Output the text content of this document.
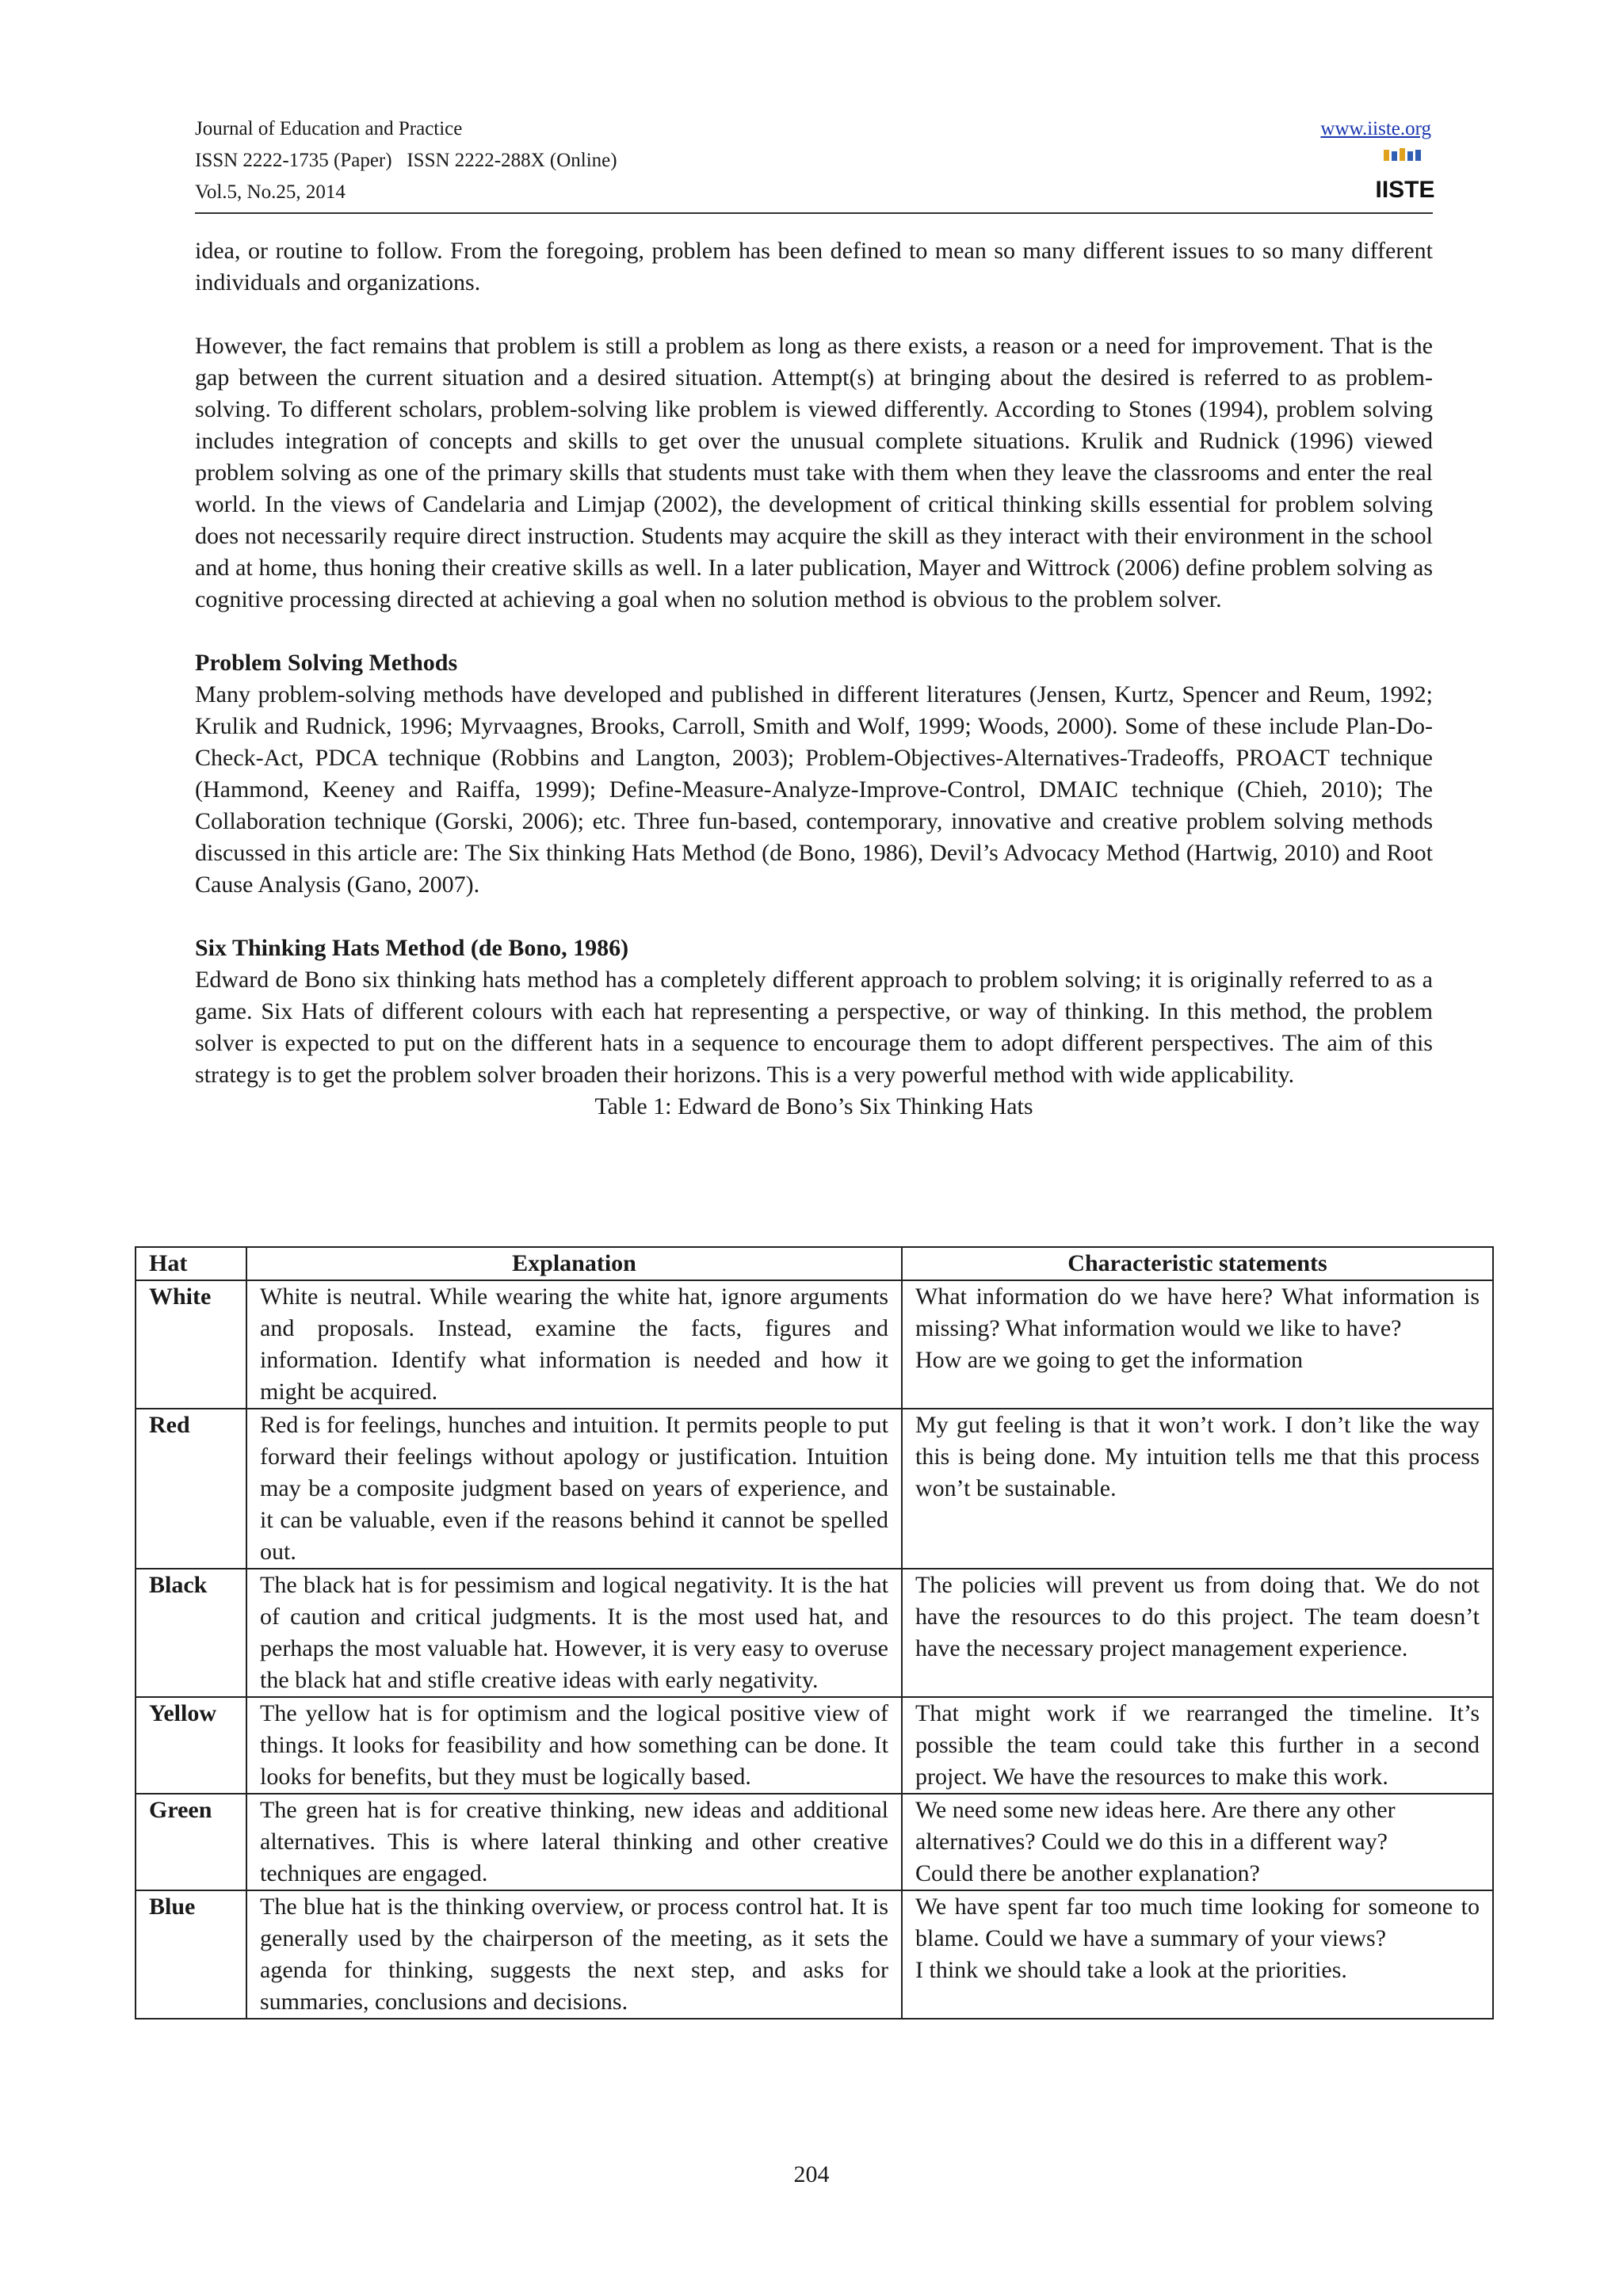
Journal of Education and Practice
ISSN 2222-1735 (Paper)   ISSN 2222-288X (Online)
Vol.5, No.25, 2014
www.iiste.org
IISTE

idea, or routine to follow. From the foregoing, problem has been defined to mean so many different issues to so many different individuals and organizations.

However, the fact remains that problem is still a problem as long as there exists, a reason or a need for improvement. That is the gap between the current situation and a desired situation. Attempt(s) at bringing about the desired is referred to as problem-solving. To different scholars, problem-solving like problem is viewed differently. According to Stones (1994), problem solving includes integration of concepts and skills to get over the unusual complete situations. Krulik and Rudnick (1996) viewed problem solving as one of the primary skills that students must take with them when they leave the classrooms and enter the real world. In the views of Candelaria and Limjap (2002), the development of critical thinking skills essential for problem solving does not necessarily require direct instruction. Students may acquire the skill as they interact with their environment in the school and at home, thus honing their creative skills as well. In a later publication, Mayer and Wittrock (2006) define problem solving as cognitive processing directed at achieving a goal when no solution method is obvious to the problem solver.

Problem Solving Methods

Many problem-solving methods have developed and published in different literatures (Jensen, Kurtz, Spencer and Reum, 1992; Krulik and Rudnick, 1996; Myrvaagnes, Brooks, Carroll, Smith and Wolf, 1999; Woods, 2000). Some of these include Plan-Do-Check-Act, PDCA technique (Robbins and Langton, 2003); Problem-Objectives-Alternatives-Tradeoffs, PROACT technique (Hammond, Keeney and Raiffa, 1999); Define-Measure-Analyze-Improve-Control, DMAIC technique (Chieh, 2010); The Collaboration technique (Gorski, 2006); etc. Three fun-based, contemporary, innovative and creative problem solving methods discussed in this article are: The Six thinking Hats Method (de Bono, 1986), Devil’s Advocacy Method (Hartwig, 2010) and Root Cause Analysis (Gano, 2007).

Six Thinking Hats Method (de Bono, 1986)

Edward de Bono six thinking hats method has a completely different approach to problem solving; it is originally referred to as a game. Six Hats of different colours with each hat representing a perspective, or way of thinking. In this method, the problem solver is expected to put on the different hats in a sequence to encourage them to adopt different perspectives. The aim of this strategy is to get the problem solver broaden their horizons. This is a very powerful method with wide applicability.

Table 1: Edward de Bono’s Six Thinking Hats

Hat	Explanation	Characteristic statements
White	White is neutral. While wearing the white hat, ignore arguments and proposals. Instead, examine the facts, figures and information. Identify what information is needed and how it might be acquired.	What information do we have here? What information is missing? What information would we like to have?
How are we going to get the information

Red	Red is for feelings, hunches and intuition. It permits people to put forward their feelings without apology or justification. Intuition may be a composite judgment based on years of experience, and it can be valuable, even if the reasons behind it cannot be spelled out.	My gut feeling is that it won’t work. I don’t like the way this is being done. My intuition tells me that this process won’t be sustainable.

Black	The black hat is for pessimism and logical negativity. It is the hat of caution and critical judgments. It is the most used hat, and perhaps the most valuable hat. However, it is very easy to overuse the black hat and stifle creative ideas with early negativity.	The policies will prevent us from doing that. We do not have the resources to do this project. The team doesn’t have the necessary project management experience.

Yellow	The yellow hat is for optimism and the logical positive view of things. It looks for feasibility and how something can be done. It looks for benefits, but they must be logically based.	That might work if we rearranged the timeline. It’s possible the team could take this further in a second project. We have the resources to make this work.

Green	The green hat is for creative thinking, new ideas and additional alternatives. This is where lateral thinking and other creative techniques are engaged.	We need some new ideas here. Are there any other alternatives? Could we do this in a different way?
Could there be another explanation?

Blue	The blue hat is the thinking overview, or process control hat. It is generally used by the chairperson of the meeting, as it sets the agenda for thinking, suggests the next step, and asks for summaries, conclusions and decisions.	We have spent far too much time looking for someone to blame. Could we have a summary of your views?
I think we should take a look at the priorities.
204
